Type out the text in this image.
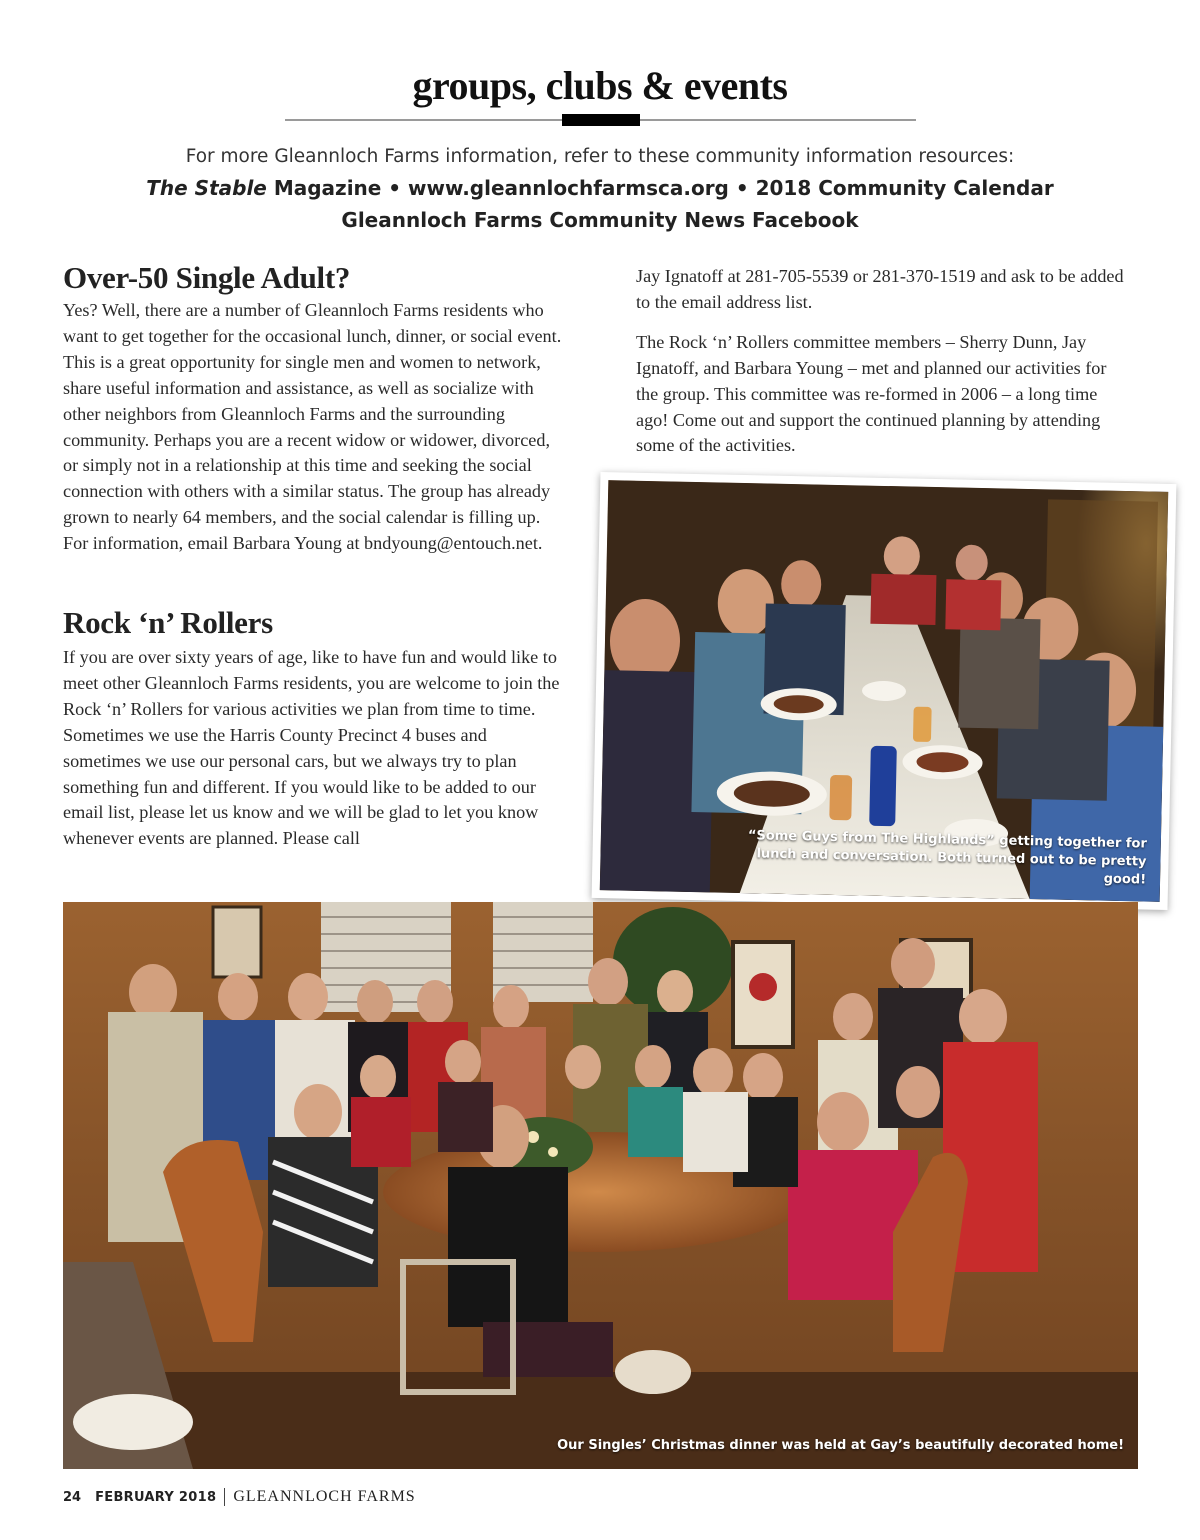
groups, clubs & events
For more Gleannloch Farms information, refer to these community information resources:
The Stable Magazine • www.gleannlochfarmsca.org • 2018 Community Calendar
Gleannloch Farms Community News Facebook
Over-50 Single Adult?

Yes? Well, there are a number of Gleannloch Farms residents who want to get together for the occasional lunch, dinner, or social event. This is a great opportunity for single men and women to network, share useful information and assistance, as well as socialize with other neighbors from Gleannloch Farms and the surrounding community. Perhaps you are a recent widow or widower, divorced, or simply not in a relationship at this time and seeking the social connection with others with a similar status. The group has already grown to nearly 64 members, and the social calendar is filling up. For information, email Barbara Young at bndyoung@entouch.net.

Rock ‘n’ Rollers

If you are over sixty years of age, like to have fun and would like to meet other Gleannloch Farms residents, you are welcome to join the Rock ‘n’ Rollers for various activities we plan from time to time. Sometimes we use the Harris County Precinct 4 buses and sometimes we use our personal cars, but we always try to plan something fun and different. If you would like to be added to our email list, please let us know and we will be glad to let you know whenever events are planned. Please call

Jay Ignatoff at 281-705-5539 or 281-370-1519 and ask to be added to the email address list.

The Rock ‘n’ Rollers committee members – Sherry Dunn, Jay Ignatoff, and Barbara Young – met and planned our activities for the group. This committee was re-formed in 2006 – a long time ago! Come out and support the continued planning by attending some of the activities.

“Some Guys from The Highlands” getting together for lunch and conversation. Both turned out to be pretty good!
Our Singles’ Christmas dinner was held at Gay’s beautifully decorated home!
24 FEBRUARY 2018 GLEANNLOCH FARMS
